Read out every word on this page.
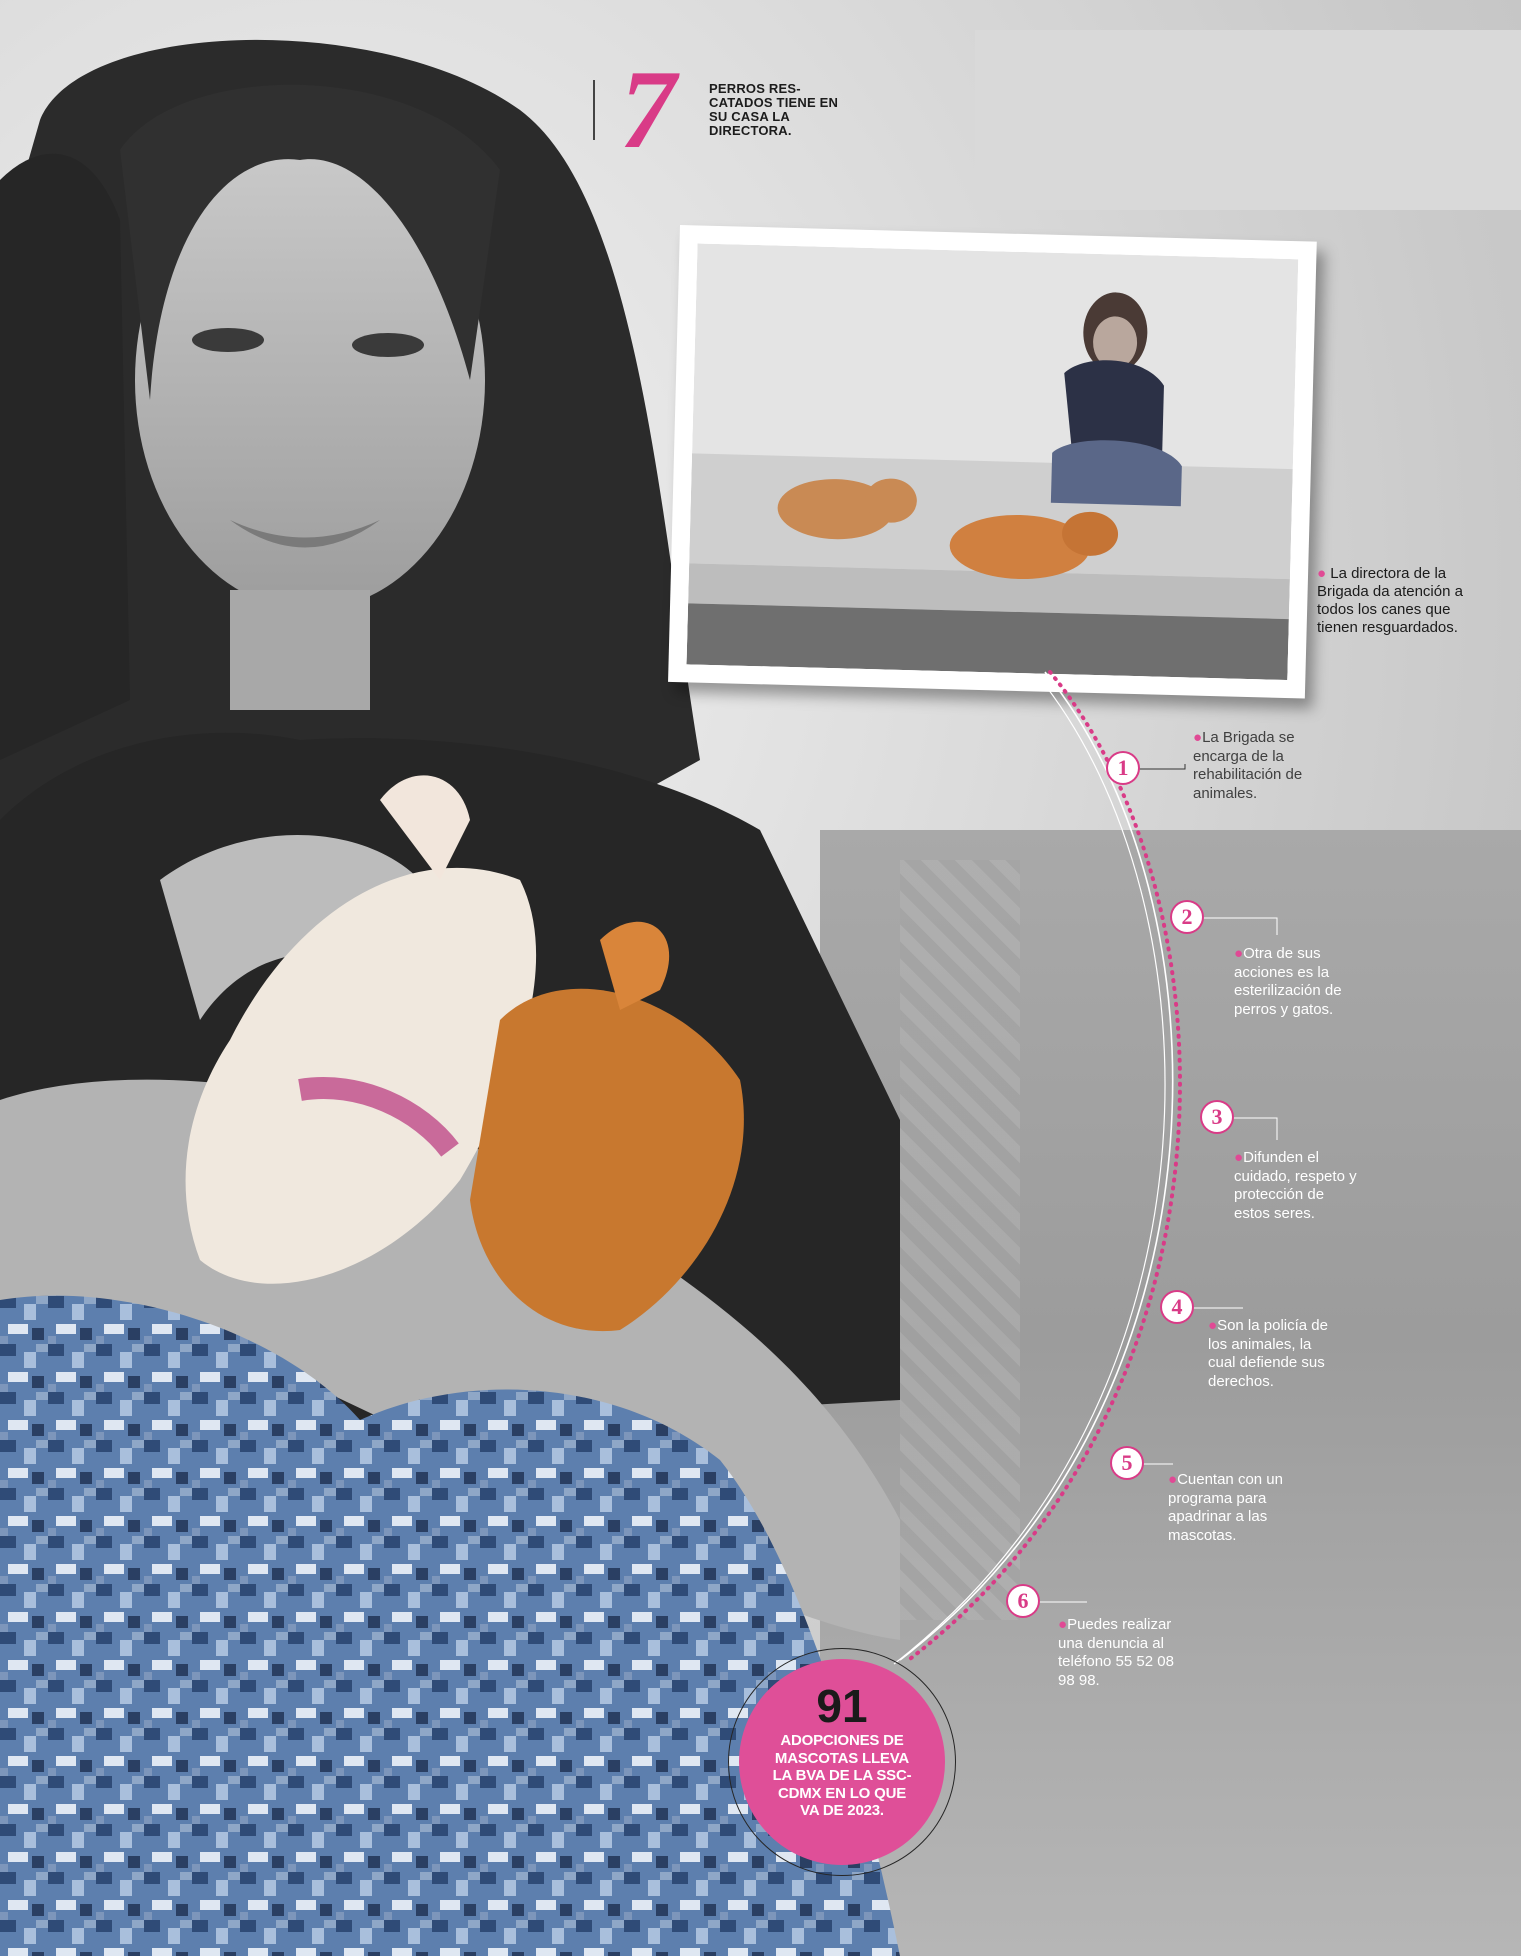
7	PERROS RES-CATADOS TIENE EN SU CASA LA DIRECTORA.
● La directora de la Brigada da atención a todos los canes que tienen resguardados.
1
●La Brigada se encarga de la rehabilitación de animales.
2
●Otra de sus acciones es la esterilización de perros y gatos.
3
●Difunden el cuidado, respeto y protección de estos seres.
4
●Son la policía de los animales, la cual defiende sus derechos.
5
●Cuentan con un programa para apadrinar a las mascotas.
6
●Puedes realizar una denuncia al teléfono 55 52 08 98 98.
91
ADOPCIONES DE MASCOTAS LLEVA LA BVA DE LA SSC-CDMX EN LO QUE VA DE 2023.
